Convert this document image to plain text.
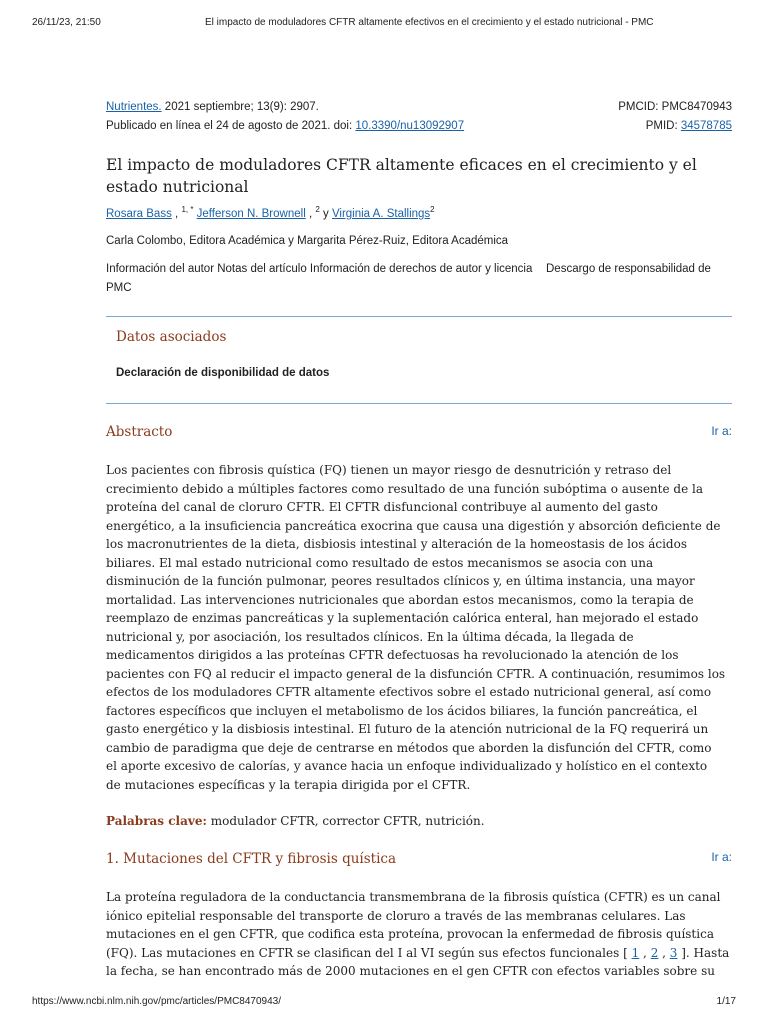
26/11/23, 21:50	El impacto de moduladores CFTR altamente efectivos en el crecimiento y el estado nutricional - PMC
Nutrientes. 2021 septiembre; 13(9): 2907.	PMCID: PMC8470943
Publicado en línea el 24 de agosto de 2021. doi: 10.3390/nu13092907	PMID: 34578785
El impacto de moduladores CFTR altamente eficaces en el crecimiento y el estado nutricional
Rosara Bass , $^{1, *}$ Jefferson N. Brownell , $^2$ y Virginia A. Stallings$^2$
Carla Colombo, Editora Académica y Margarita Pérez-Ruiz, Editora Académica
Información del autor Notas del artículo Información de derechos de autor y licencia Descargo de responsabilidad de
PMC
Datos asociados
Declaración de disponibilidad de datos
Abstracto	Ir a:
Los pacientes con fibrosis quística (FQ) tienen un mayor riesgo de desnutrición y retraso del
crecimiento debido a múltiples factores como resultado de una función subóptima o ausente de la
proteína del canal de cloruro CFTR. El CFTR disfuncional contribuye al aumento del gasto
energético, a la insuficiencia pancreática exocrina que causa una digestión y absorción deficiente de
los macronutrientes de la dieta, disbiosis intestinal y alteración de la homeostasis de los ácidos
biliares. El mal estado nutricional como resultado de estos mecanismos se asocia con una
disminución de la función pulmonar, peores resultados clínicos y, en última instancia, una mayor
mortalidad. Las intervenciones nutricionales que abordan estos mecanismos, como la terapia de
reemplazo de enzimas pancreáticas y la suplementación calórica enteral, han mejorado el estado
nutricional y, por asociación, los resultados clínicos. En la última década, la llegada de
medicamentos dirigidos a las proteínas CFTR defectuosas ha revolucionado la atención de los
pacientes con FQ al reducir el impacto general de la disfunción CFTR. A continuación, resumimos los
efectos de los moduladores CFTR altamente efectivos sobre el estado nutricional general, así como
factores específicos que incluyen el metabolismo de los ácidos biliares, la función pancreática, el
gasto energético y la disbiosis intestinal. El futuro de la atención nutricional de la FQ requerirá un
cambio de paradigma que deje de centrarse en métodos que aborden la disfunción del CFTR, como
el aporte excesivo de calorías, y avance hacia un enfoque individualizado y holístico en el contexto
de mutaciones específicas y la terapia dirigida por el CFTR.
Palabras clave: modulador CFTR, corrector CFTR, nutrición.
1. Mutaciones del CFTR y fibrosis quística	Ir a:
La proteína reguladora de la conductancia transmembrana de la fibrosis quística (CFTR) es un canal
iónico epitelial responsable del transporte de cloruro a través de las membranas celulares. Las
mutaciones en el gen CFTR, que codifica esta proteína, provocan la enfermedad de fibrosis quística
(FQ). Las mutaciones en CFTR se clasifican del I al VI según sus efectos funcionales [ 1 , 2 , 3 ]. Hasta
la fecha, se han encontrado más de 2000 mutaciones en el gen CFTR con efectos variables sobre su
https://www.ncbi.nlm.nih.gov/pmc/articles/PMC8470943/	1/17
